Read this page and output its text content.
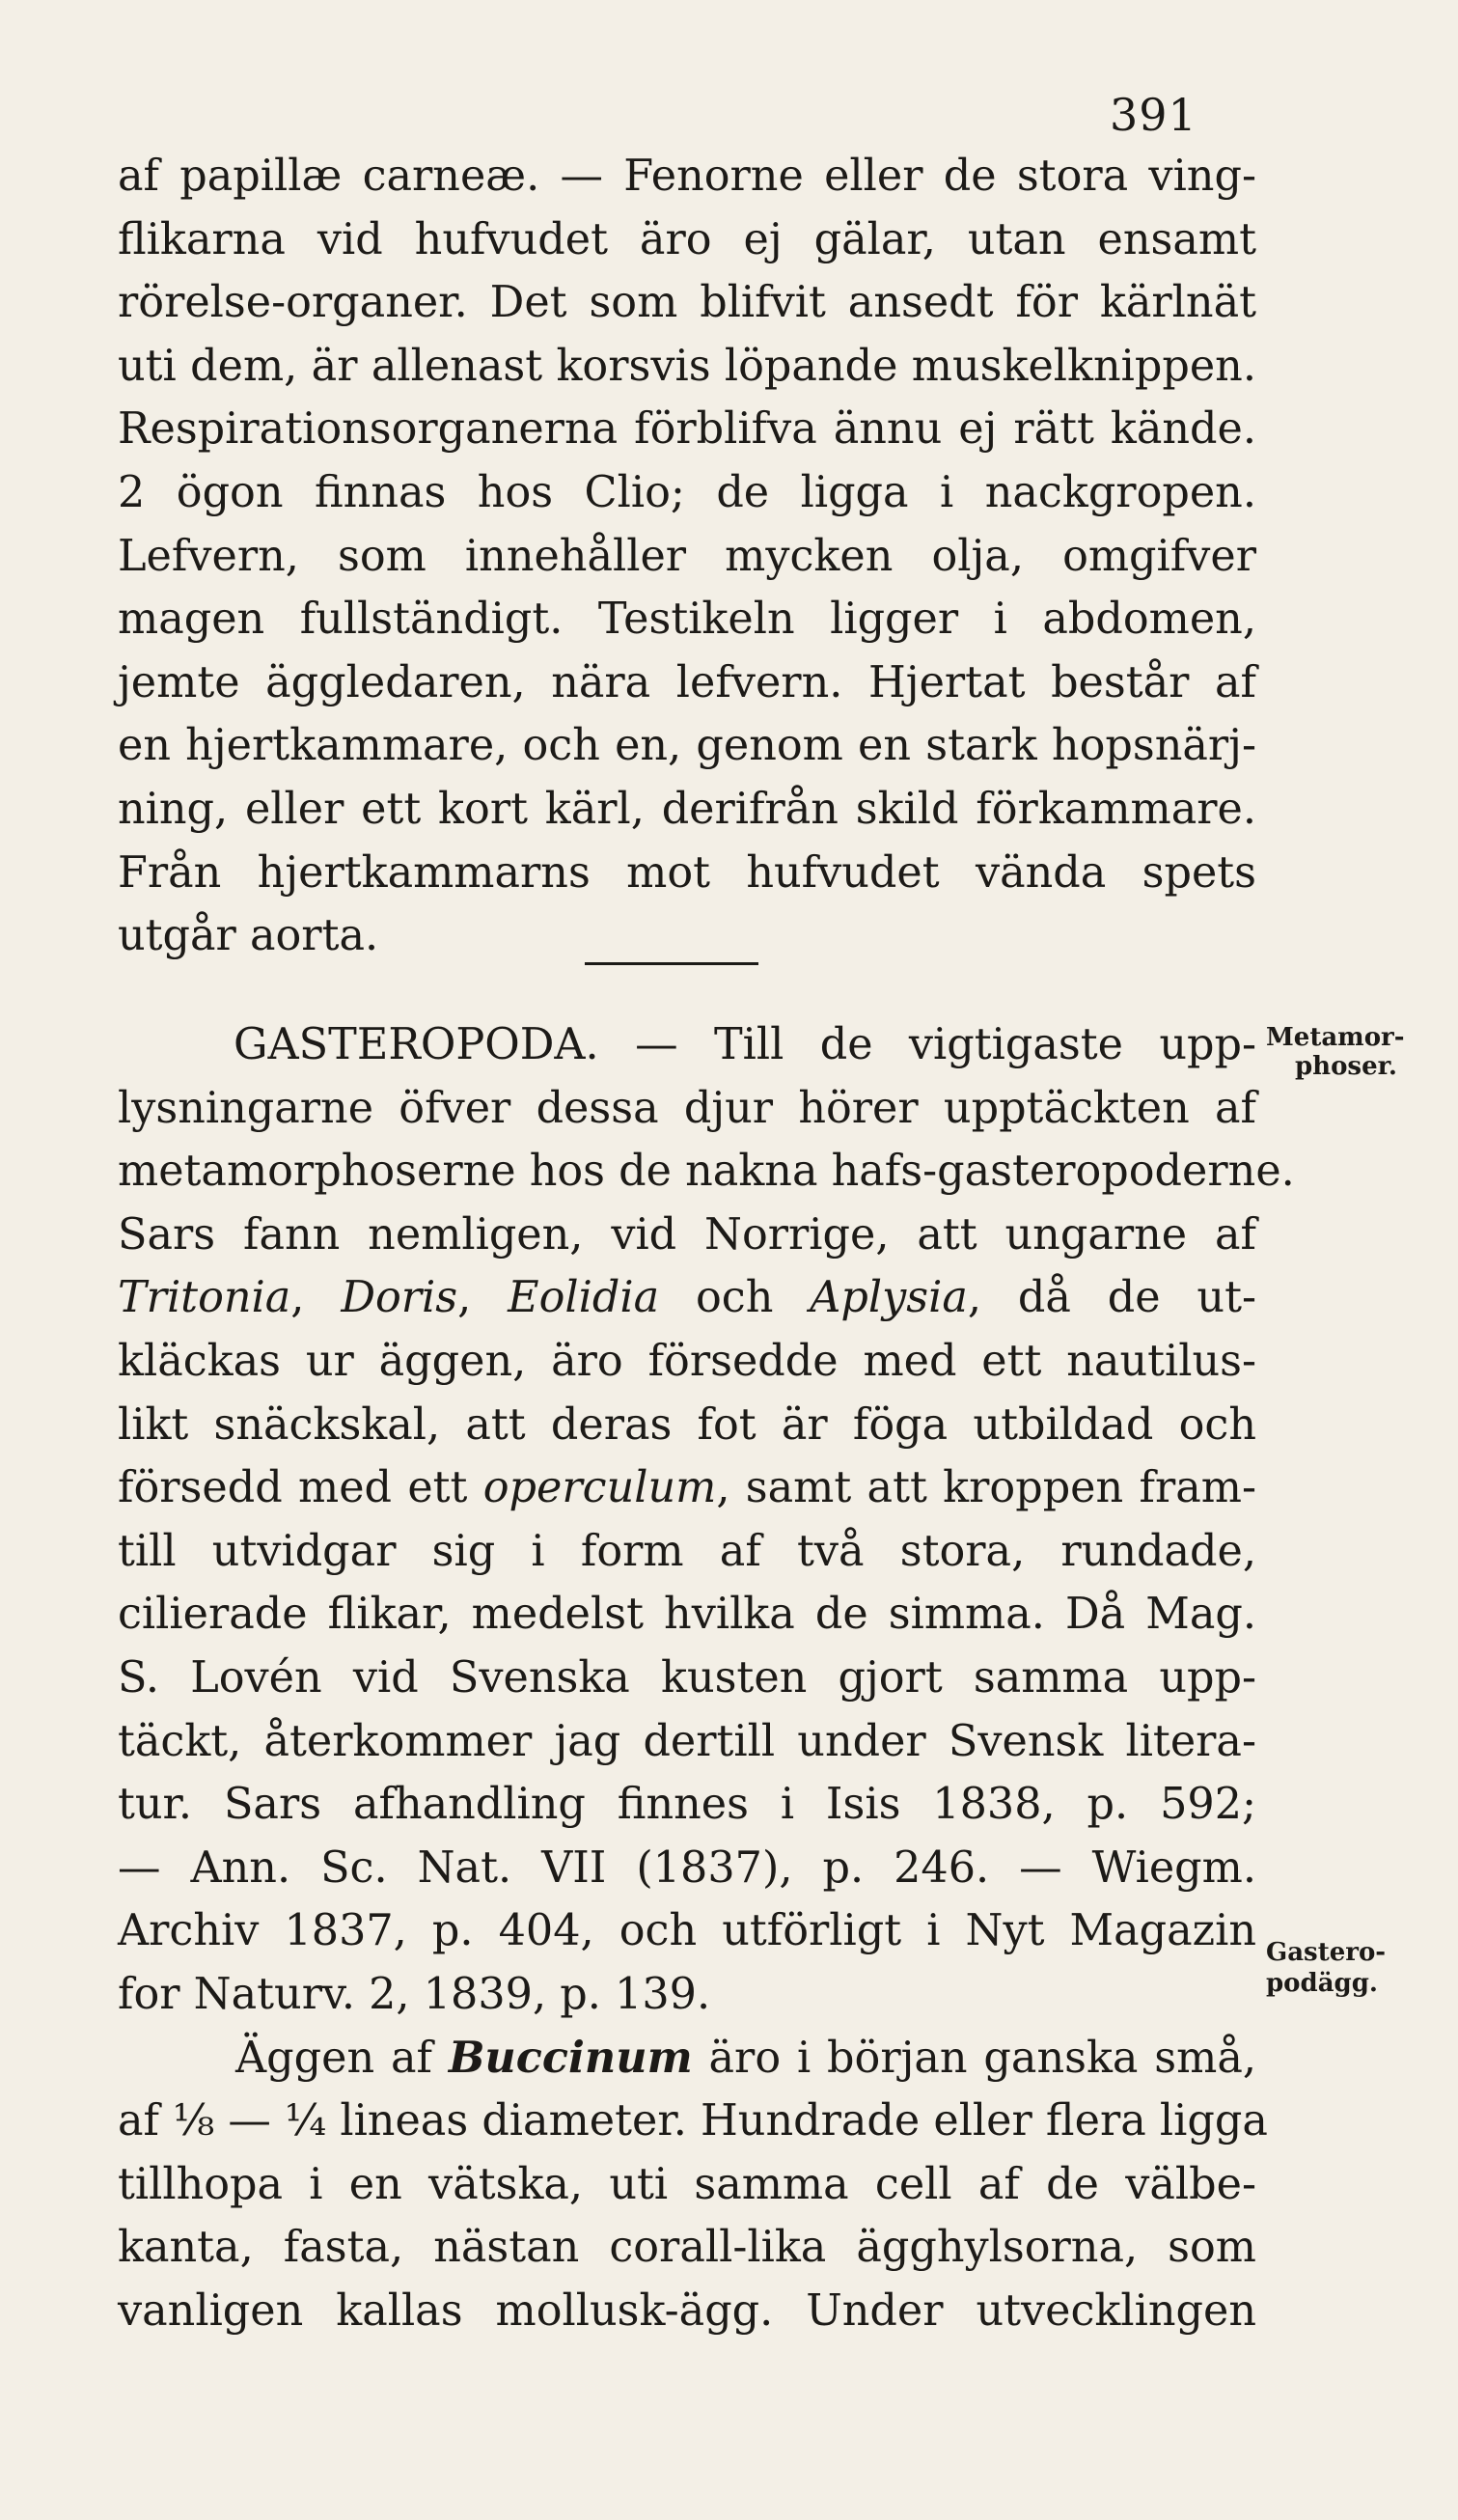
391
af papillæ carneæ. — Fenorne eller de stora ving-
flikarna vid hufvudet äro ej gälar, utan ensamt
rörelse-organer. Det som blifvit ansedt för kärlnät
uti dem, är allenast korsvis löpande muskelknippen.
Respirationsorganerna förblifva ännu ej rätt kände.
2 ögon finnas hos Clio; de ligga i nackgropen.
Lefvern, som innehåller mycken olja, omgifver
magen fullständigt. Testikeln ligger i abdomen,
jemte äggledaren, nära lefvern. Hjertat består af
en hjertkammare, och en, genom en stark hopsnärj-
ning, eller ett kort kärl, derifrån skild förkammare.
Från hjertkammarns mot hufvudet vända spets
utgår aorta.
GASTEROPODA. — Till de vigtigaste upp-
lysningarne öfver dessa djur hörer upptäckten af
metamorphoserne hos de nakna hafs-gasteropoderne.
Sars fann nemligen, vid Norrige, att ungarne af
Tritonia, Doris, Eolidia och Aplysia, då de ut-
kläckas ur äggen, äro försedde med ett nautilus-
likt snäckskal, att deras fot är föga utbildad och
försedd med ett operculum, samt att kroppen fram-
till utvidgar sig i form af två stora, rundade,
cilierade flikar, medelst hvilka de simma. Då Mag.
S. Lovén vid Svenska kusten gjort samma upp-
täckt, återkommer jag dertill under Svensk litera-
tur. Sars afhandling finnes i Isis 1838, p. 592;
— Ann. Sc. Nat. VII (1837), p. 246. — Wiegm.
Archiv 1837, p. 404, och utförligt i Nyt Magazin
for Naturv. 2, 1839, p. 139.
Äggen af Buccinum äro i början ganska små,
af ⅛ — ¼ lineas diameter. Hundrade eller flera ligga
tillhopa i en vätska, uti samma cell af de välbe-
kanta, fasta, nästan corall-lika ägghylsorna, som
vanligen kallas mollusk-ägg. Under utvecklingen
Metamor-
phoser.
Gastero-
podägg.
